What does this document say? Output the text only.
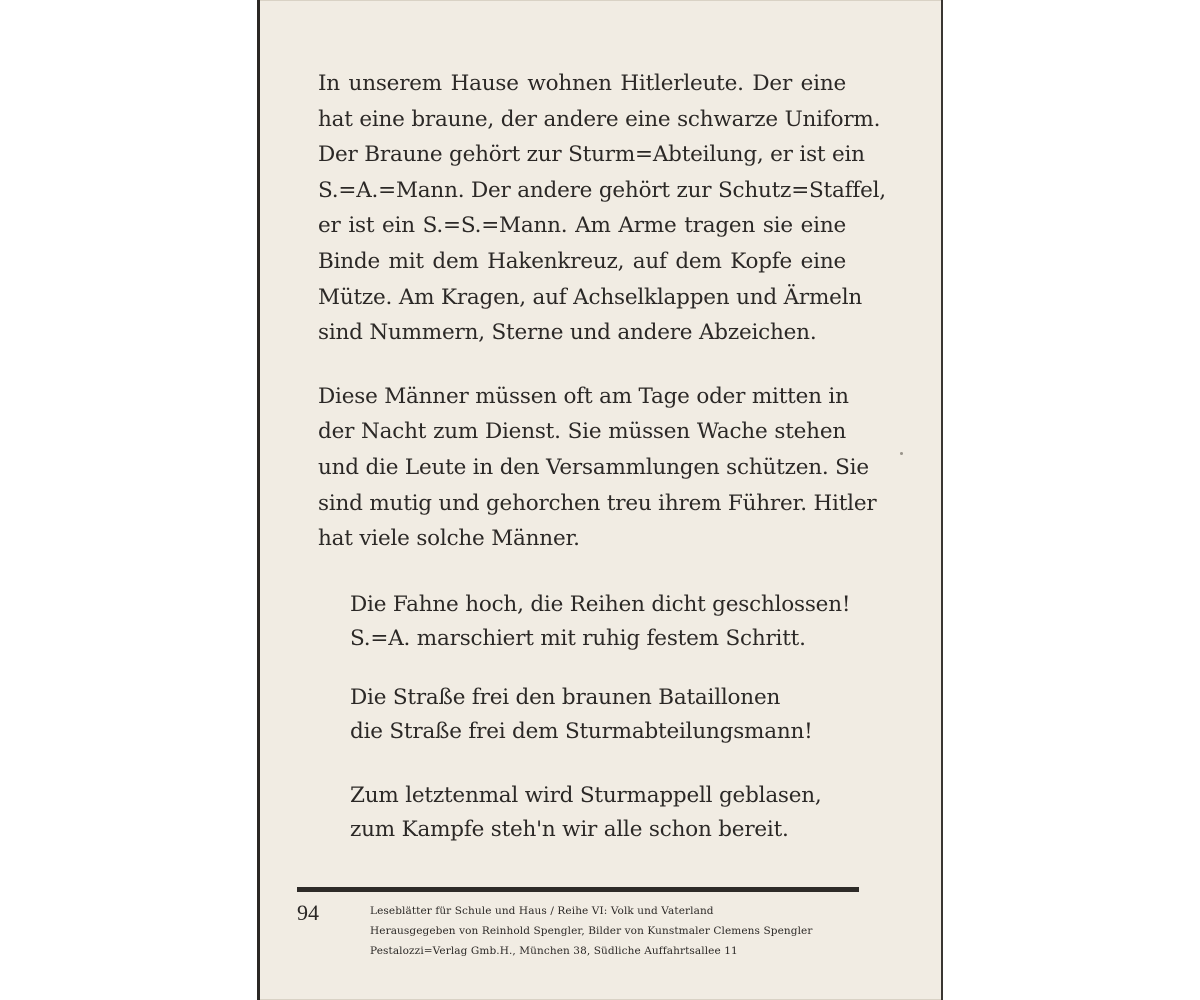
In unserem Hause wohnen Hitlerleute. Der eine
hat eine braune, der andere eine schwarze Uniform.
Der Braune gehört zur Sturm=Abteilung, er ist ein
S.=A.=Mann. Der andere gehört zur Schutz=Staffel,
er ist ein S.=S.=Mann. Am Arme tragen sie eine
Binde mit dem Hakenkreuz, auf dem Kopfe eine
Mütze. Am Kragen, auf Achselklappen und Ärmeln
sind Nummern, Sterne und andere Abzeichen.

Diese Männer müssen oft am Tage oder mitten in
der Nacht zum Dienst. Sie müssen Wache stehen
und die Leute in den Versammlungen schützen. Sie
sind mutig und gehorchen treu ihrem Führer. Hitler
hat viele solche Männer.

Die Fahne hoch, die Reihen dicht geschlossen!
S.=A. marschiert mit ruhig festem Schritt.
Die Straße frei den braunen Bataillonen
die Straße frei dem Sturmabteilungsmann!
Zum letztenmal wird Sturmappell geblasen,
zum Kampfe steh'n wir alle schon bereit.
94	Leseblätter für Schule und Haus / Reihe VI: Volk und Vaterland
Herausgegeben von Reinhold Spengler, Bilder von Kunstmaler Clemens Spengler
Pestalozzi=Verlag Gmb.H., München 38, Südliche Auffahrtsallee 11
